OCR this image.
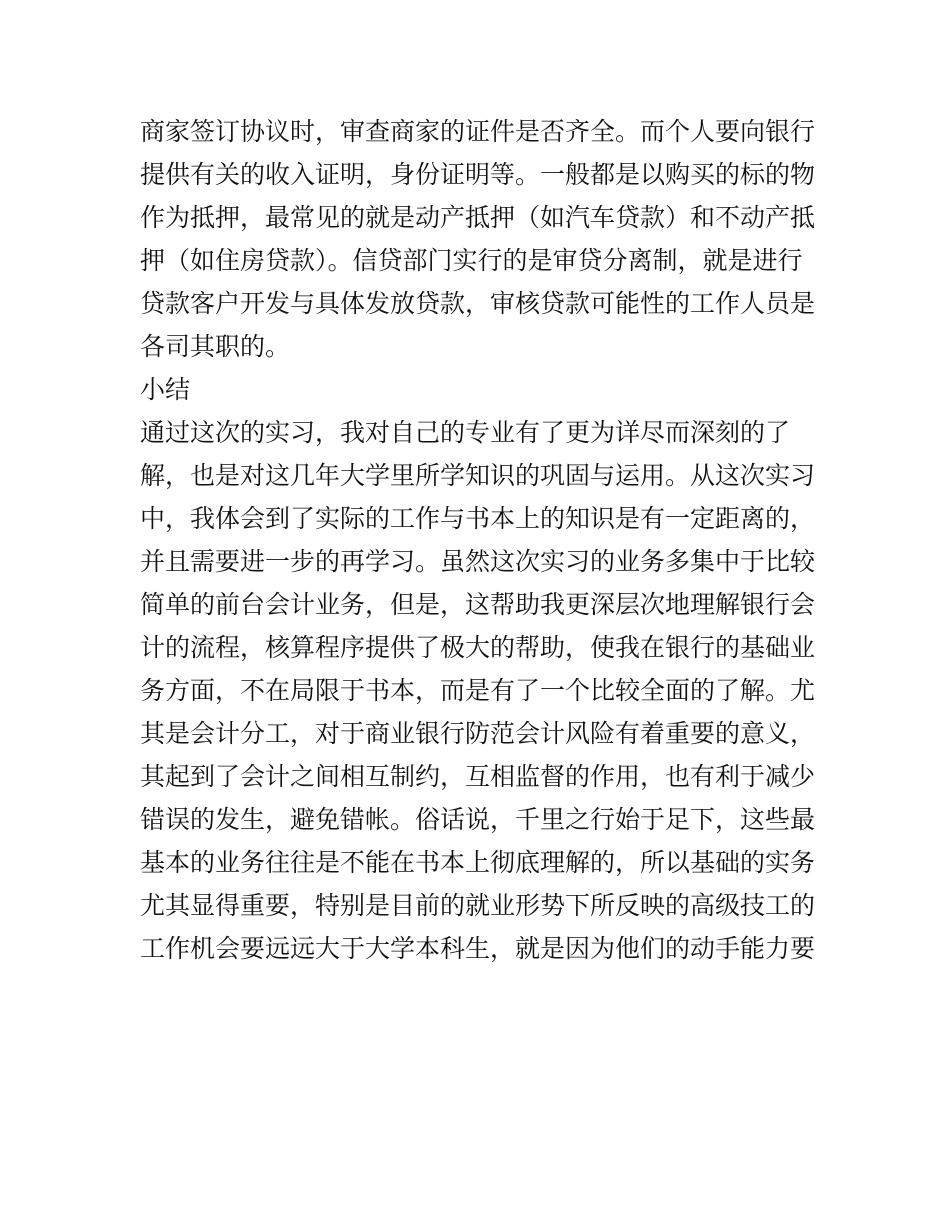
商家签订协议时，审查商家的证件是否齐全。而个人要向银行
提供有关的收入证明，身份证明等。一般都是以购买的标的物
作为抵押，最常见的就是动产抵押（如汽车贷款）和不动产抵
押（如住房贷款）。信贷部门实行的是审贷分离制，就是进行
贷款客户开发与具体发放贷款，审核贷款可能性的工作人员是
各司其职的。
小结
通过这次的实习，我对自己的专业有了更为详尽而深刻的了
解，也是对这几年大学里所学知识的巩固与运用。从这次实习
中，我体会到了实际的工作与书本上的知识是有一定距离的，
并且需要进一步的再学习。虽然这次实习的业务多集中于比较
简单的前台会计业务，但是，这帮助我更深层次地理解银行会
计的流程，核算程序提供了极大的帮助，使我在银行的基础业
务方面，不在局限于书本，而是有了一个比较全面的了解。尤
其是会计分工，对于商业银行防范会计风险有着重要的意义，
其起到了会计之间相互制约，互相监督的作用，也有利于减少
错误的发生，避免错帐。俗话说，千里之行始于足下，这些最
基本的业务往往是不能在书本上彻底理解的，所以基础的实务
尤其显得重要，特别是目前的就业形势下所反映的高级技工的
工作机会要远远大于大学本科生，就是因为他们的动手能力要
